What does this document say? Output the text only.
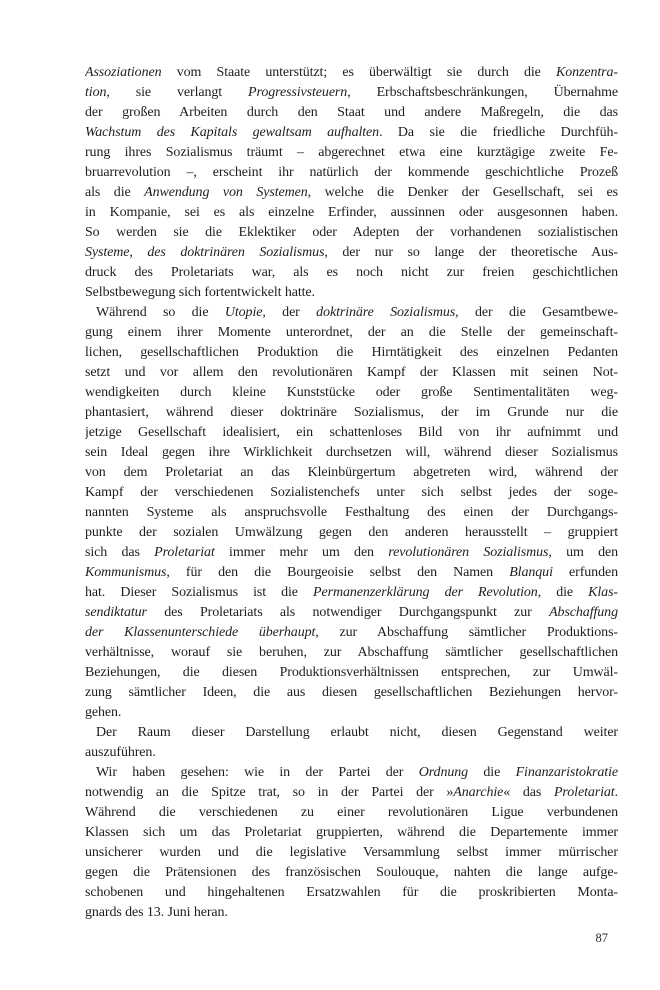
Assoziationen vom Staate unterstützt; es überwältigt sie durch die Konzentra-
tion, sie verlangt Progressivsteuern, Erbschaftsbeschränkungen, Übernahme
der großen Arbeiten durch den Staat und andere Maßregeln, die das
Wachstum des Kapitals gewaltsam aufhalten. Da sie die friedliche Durchfüh-
rung ihres Sozialismus träumt – abgerechnet etwa eine kurztägige zweite Fe-
bruarrevolution –, erscheint ihr natürlich der kommende geschichtliche Prozeß
als die Anwendung von Systemen, welche die Denker der Gesellschaft, sei es
in Kompanie, sei es als einzelne Erfinder, aussinnen oder ausgesonnen haben.
So werden sie die Eklektiker oder Adepten der vorhandenen sozialistischen
Systeme, des doktrinären Sozialismus, der nur so lange der theoretische Aus-
druck des Proletariats war, als es noch nicht zur freien geschichtlichen
Selbstbewegung sich fortentwickelt hatte.
Während so die Utopie, der doktrinäre Sozialismus, der die Gesamtbewe-
gung einem ihrer Momente unterordnet, der an die Stelle der gemeinschaft-
lichen, gesellschaftlichen Produktion die Hirntätigkeit des einzelnen Pedanten
setzt und vor allem den revolutionären Kampf der Klassen mit seinen Not-
wendigkeiten durch kleine Kunststücke oder große Sentimentalitäten weg-
phantasiert, während dieser doktrinäre Sozialismus, der im Grunde nur die
jetzige Gesellschaft idealisiert, ein schattenloses Bild von ihr aufnimmt und
sein Ideal gegen ihre Wirklichkeit durchsetzen will, während dieser Sozialismus
von dem Proletariat an das Kleinbürgertum abgetreten wird, während der
Kampf der verschiedenen Sozialistenchefs unter sich selbst jedes der soge-
nannten Systeme als anspruchsvolle Festhaltung des einen der Durchgangs-
punkte der sozialen Umwälzung gegen den anderen herausstellt – gruppiert
sich das Proletariat immer mehr um den revolutionären Sozialismus, um den
Kommunismus, für den die Bourgeoisie selbst den Namen Blanqui erfunden
hat. Dieser Sozialismus ist die Permanenzerklärung der Revolution, die Klas-
sendiktatur des Proletariats als notwendiger Durchgangspunkt zur Abschaffung
der Klassenunterschiede überhaupt, zur Abschaffung sämtlicher Produktions-
verhältnisse, worauf sie beruhen, zur Abschaffung sämtlicher gesellschaftlichen
Beziehungen, die diesen Produktionsverhältnissen entsprechen, zur Umwäl-
zung sämtlicher Ideen, die aus diesen gesellschaftlichen Beziehungen hervor-
gehen.
Der Raum dieser Darstellung erlaubt nicht, diesen Gegenstand weiter
auszuführen.
Wir haben gesehen: wie in der Partei der Ordnung die Finanzaristokratie
notwendig an die Spitze trat, so in der Partei der »Anarchie« das Proletariat.
Während die verschiedenen zu einer revolutionären Ligue verbundenen
Klassen sich um das Proletariat gruppierten, während die Departemente immer
unsicherer wurden und die legislative Versammlung selbst immer mürrischer
gegen die Prätensionen des französischen Soulouque, nahten die lange aufge-
schobenen und hingehaltenen Ersatzwahlen für die proskribierten Monta-
gnards des 13. Juni heran.
87
